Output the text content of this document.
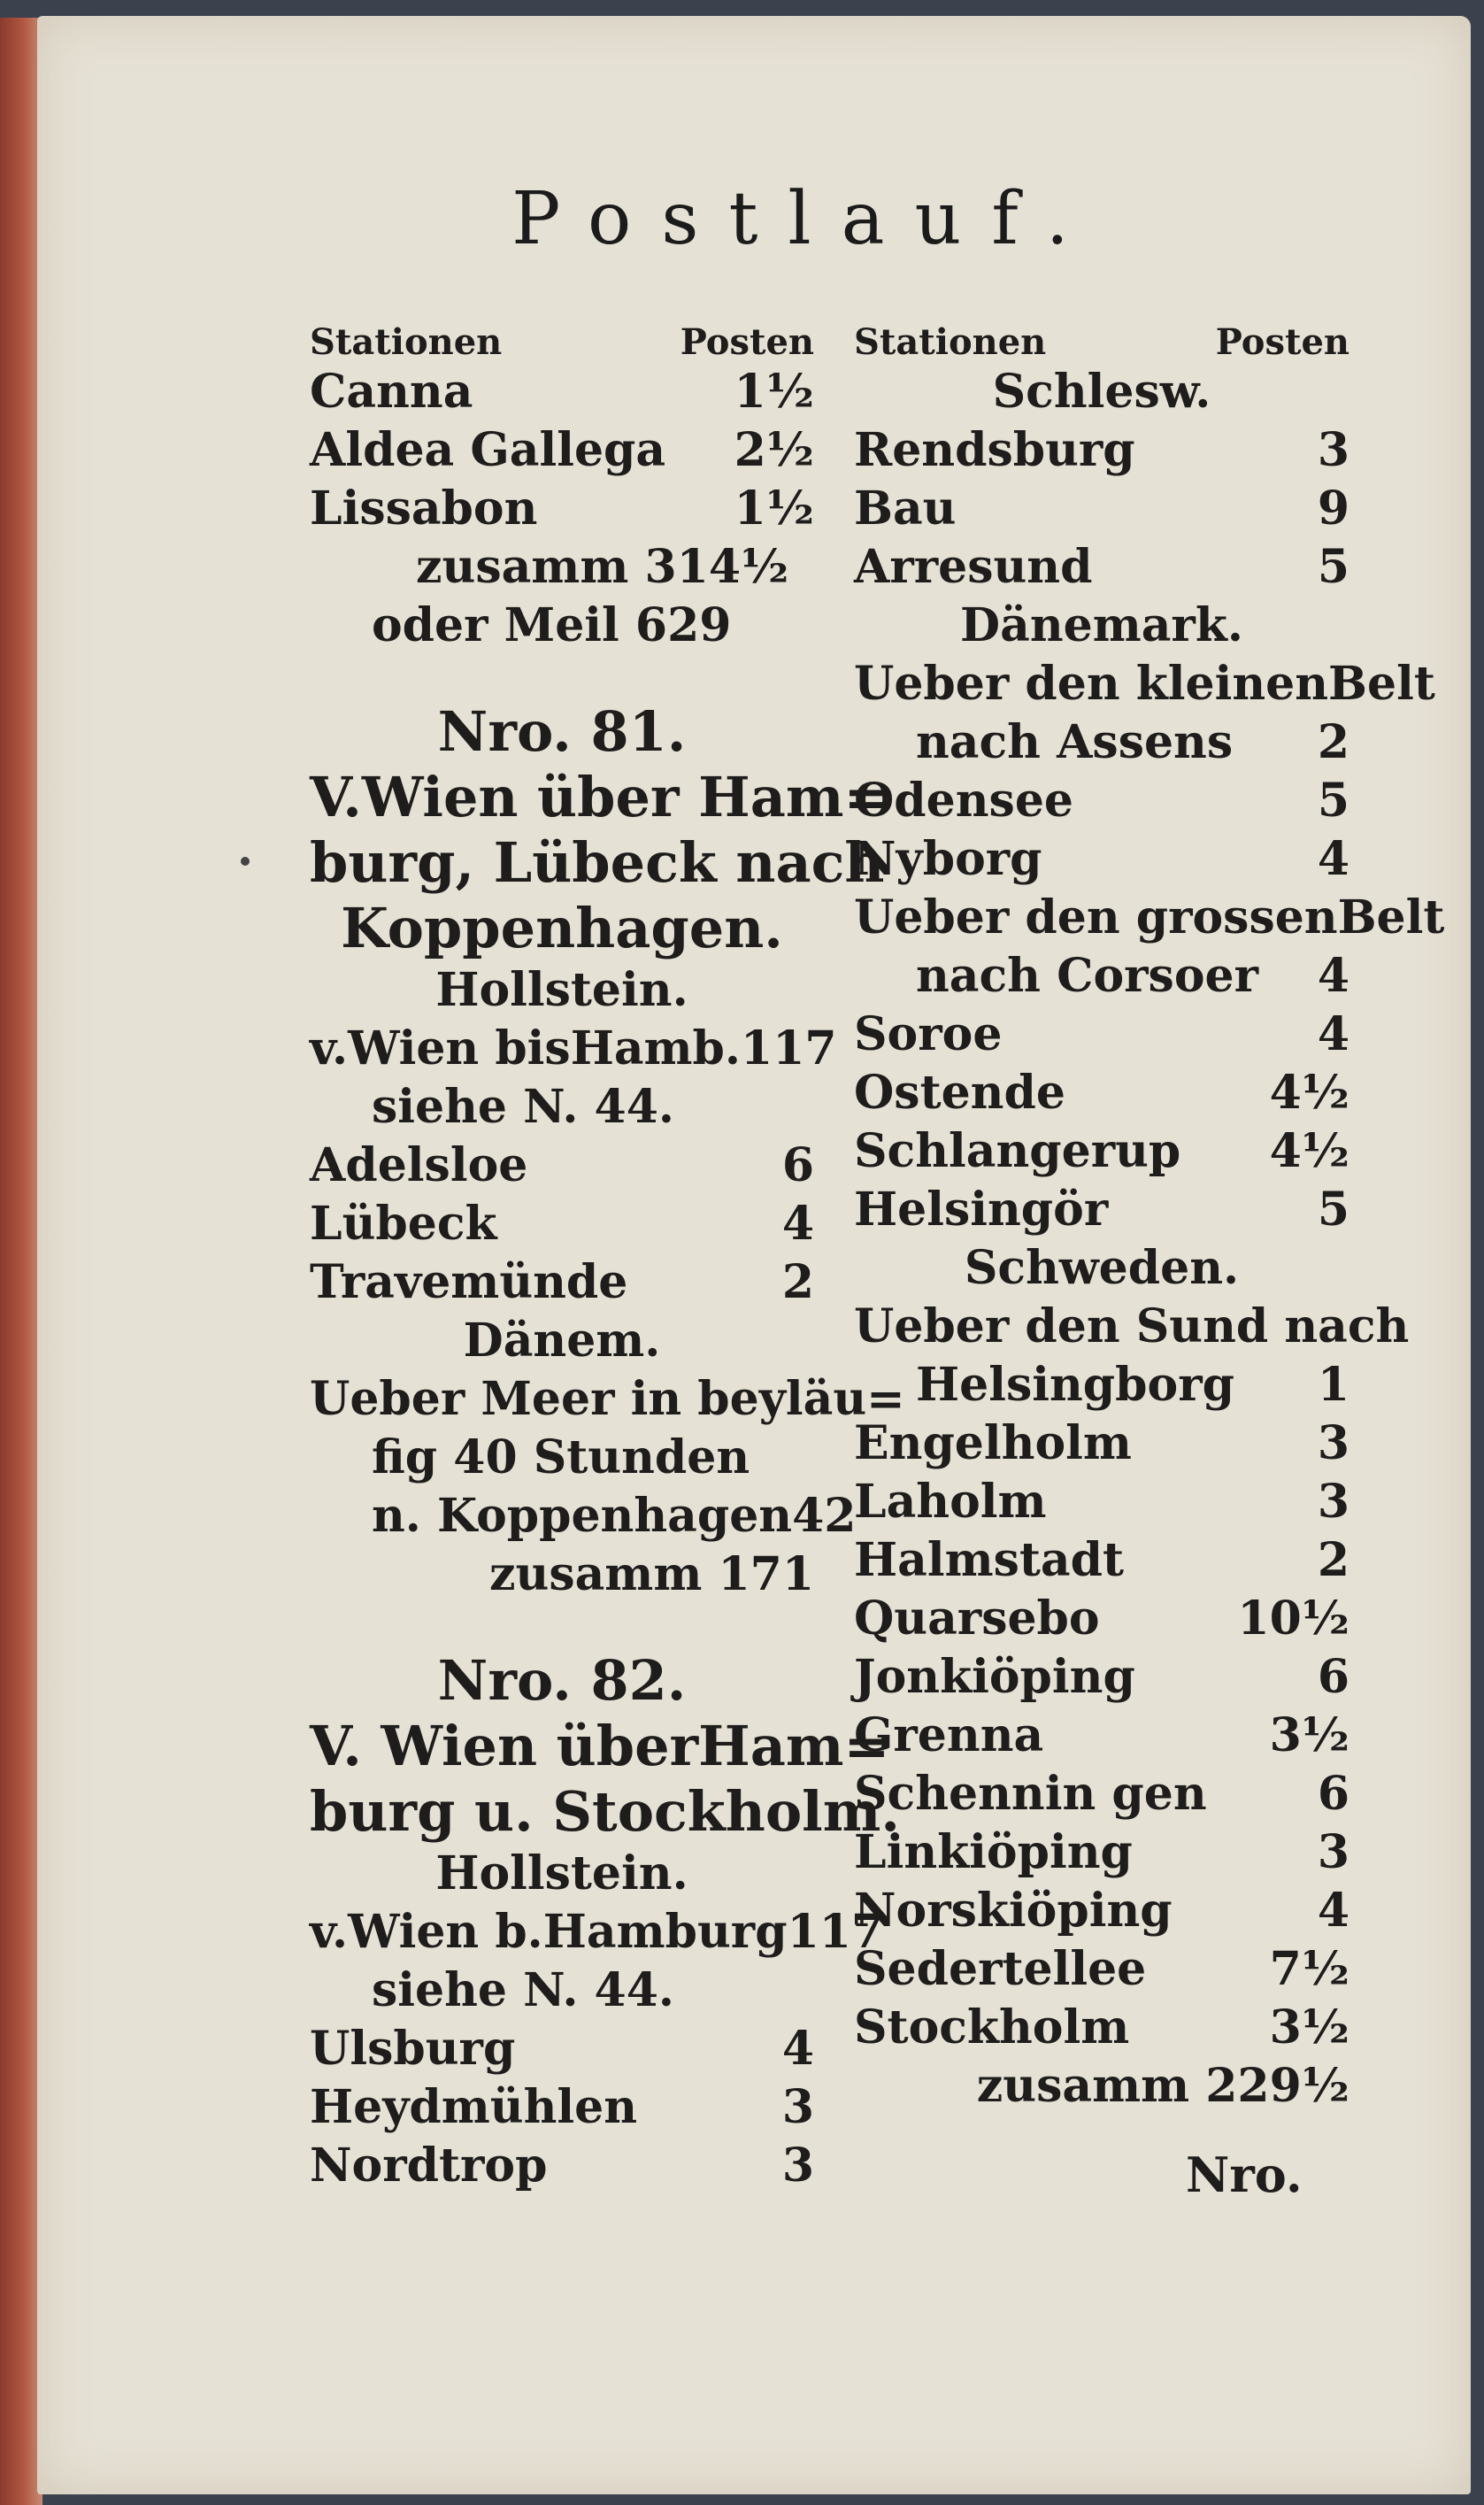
Postlauf.
Stationen	Posten
Canna	1½
Aldea Gallega 2½
Lissabon	1½
zusamm 314½
oder Meil 629
Nro. 81.
V.Wien über Ham=
burg, Lübeck nach
Koppenhagen.
Hollstein.
v.Wien bisHamb. 117
siehe N. 44.
Adelsloe	6
Lübeck	4
Travemünde	2
Dänem.
Ueber Meer in beyläu=
fig 40 Stunden
n. Koppenhagen 42
zusamm 171
Nro. 82.
V. Wien überHam=
burg u. Stockholm.
Hollstein.
v.Wien b.Hamburg 117
siehe N. 44.
Ulsburg	4
Heydmühlen	3
Nordtrop	3
Stationen	Posten
Schlesw.
Rendsburg	3
Bau	9
Arresund	5
Dänemark.
Ueber den kleinenBelt
nach Assens	2
Odensee	5
Nyborg	4
Ueber den grossenBelt
nach Corsoer	4
Soroe	4
Ostende	4½
Schlangerup 4½
Helsingör	5
Schweden.
Ueber den Sund nach
Helsingborg	1
Engelholm	3
Laholm	3
Halmstadt	2
Quarsebo	10½
Jonkiöping	6
Grenna	3½
Schennin gen	6
Linkiöping	3
Norskiöping	4
Sedertellee	7½
Stockholm	3½
zusamm 229½
Nro.
